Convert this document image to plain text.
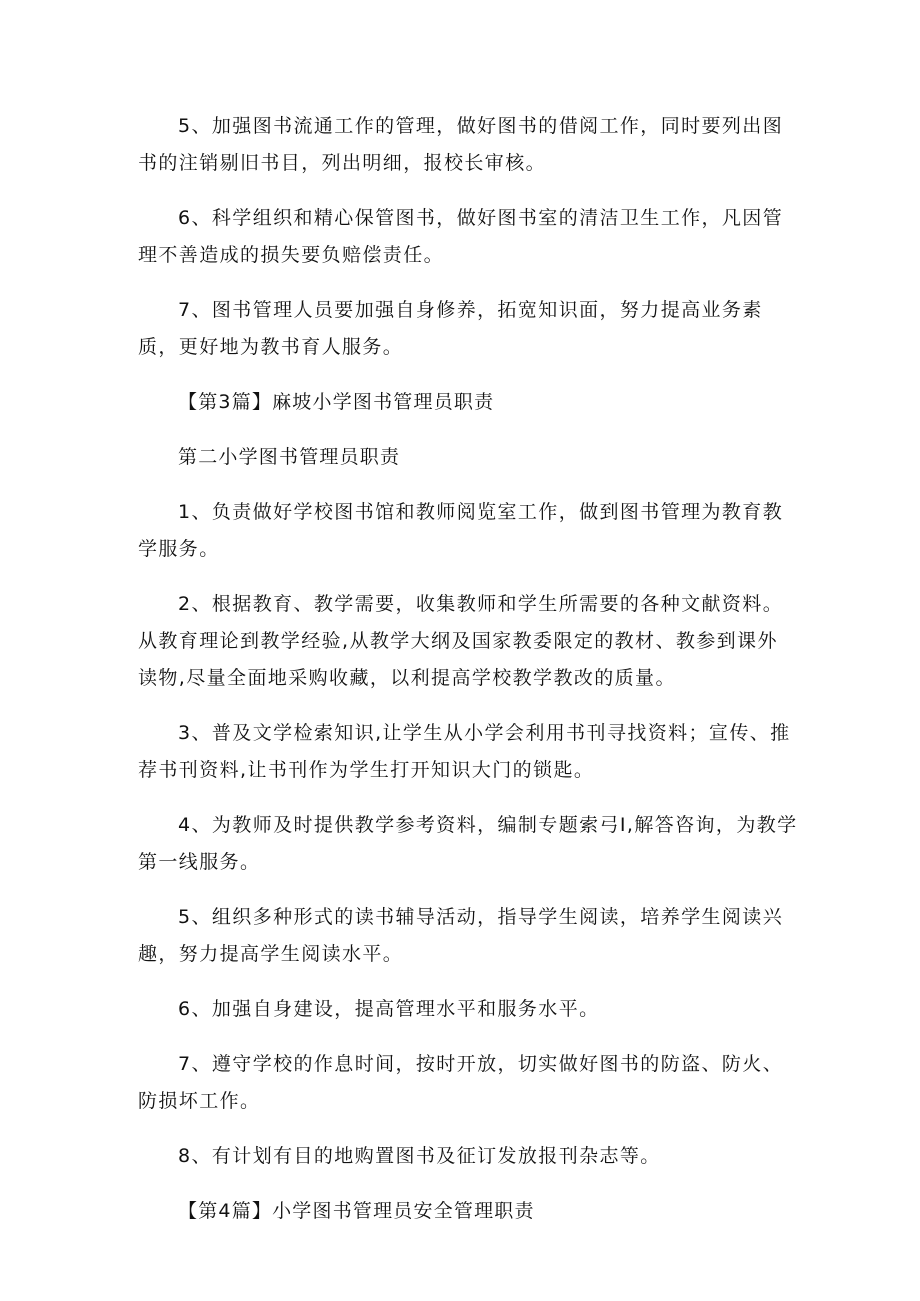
5、加强图书流通工作的管理，做好图书的借阅工作，同时要列出图书的注销剔旧书目，列出明细，报校长审核。

6、科学组织和精心保管图书，做好图书室的清洁卫生工作，凡因管理不善造成的损失要负赔偿责任。

7、图书管理人员要加强自身修养，拓宽知识面，努力提高业务素质，更好地为教书育人服务。

【第3篇】麻坡小学图书管理员职责

第二小学图书管理员职责

1、负责做好学校图书馆和教师阅览室工作，做到图书管理为教育教学服务。

2、根据教育、教学需要，收集教师和学生所需要的各种文献资料。从教育理论到教学经验,从教学大纲及国家教委限定的教材、教参到课外读物,尽量全面地采购收藏，以利提高学校教学教改的质量。

3、普及文学检索知识,让学生从小学会利用书刊寻找资料；宣传、推荐书刊资料,让书刊作为学生打开知识大门的锁匙。

4、为教师及时提供教学参考资料，编制专题索弓I,解答咨询，为教学第一线服务。

5、组织多种形式的读书辅导活动，指导学生阅读，培养学生阅读兴趣，努力提高学生阅读水平。

6、加强自身建设，提高管理水平和服务水平。

7、遵守学校的作息时间，按时开放，切实做好图书的防盗、防火、防损坏工作。

8、有计划有目的地购置图书及征订发放报刊杂志等。

【第4篇】小学图书管理员安全管理职责
